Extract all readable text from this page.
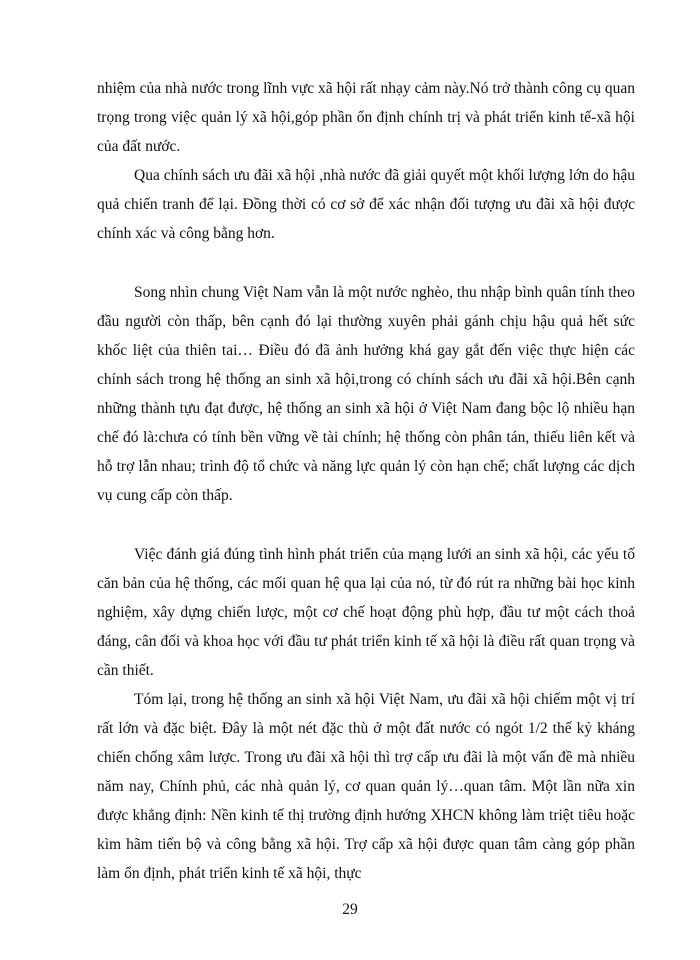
nhiệm của nhà nước trong lĩnh vực xã hội rất nhạy cảm này.Nó trở thành công cụ quan trọng trong việc quản lý xã hội,góp phần ổn định chính trị và phát triển kinh tế-xã hội của đất nước.

Qua chính sách ưu đãi xã hội ,nhà nước đã giải quyết một khối lượng lớn do hậu quả chiến tranh để lại. Đồng thời có cơ sở để xác nhận đối tượng ưu đãi xã hội được chính xác và công bằng hơn.

Song nhìn chung Việt Nam vẫn là một nước nghèo, thu nhập bình quân tính theo đầu người còn thấp, bên cạnh đó lại thường xuyên phải gánh chịu hậu quả hết sức khốc liệt của thiên tai… Điều đó đã ảnh hưởng khá gay gắt đến việc thực hiện các chính sách trong hệ thống an sinh xã hội,trong có chính sách ưu đãi xã hội.Bên cạnh những thành tựu đạt được, hệ thống an sinh xã hội ở Việt Nam đang bộc lộ nhiều hạn chế đó là:chưa có tính bền vững về tài chính; hệ thống còn phân tán, thiếu liên kết và hỗ trợ lẫn nhau; trình độ tổ chức và năng lực quản lý còn hạn chế; chất lượng các dịch vụ cung cấp còn thấp.

Việc đánh giá đúng tình hình phát triển của mạng lưới an sinh xã hội, các yếu tố căn bản của hệ thống, các mối quan hệ qua lại của nó, từ đó rút ra những bài học kinh nghiệm, xây dựng chiến lược, một cơ chế hoạt động phù hợp, đầu tư một cách thoả đáng, cân đối và khoa học với đầu tư phát triển kinh tế xã hội là điều rất quan trọng và cần thiết.

Tóm lại, trong hệ thống an sinh xã hội Việt Nam, ưu đãi xã hội chiếm một vị trí rất lớn và đặc biệt. Đây là một nét đặc thù ở một đất nước có ngót 1/2 thế kỷ kháng chiến chống xâm lược. Trong ưu đãi xã hội thì trợ cấp ưu đãi là một vấn đề mà nhiều năm nay, Chính phủ, các nhà quản lý, cơ quan quản lý…quan tâm. Một lần nữa xin được khẳng định: Nền kinh tế thị trường định hướng XHCN không làm triệt tiêu hoặc kìm hãm tiến bộ và công bằng xã hội. Trợ cấp xã hội được quan tâm càng góp phần làm ổn định, phát triển kinh tế xã hội, thực

29
